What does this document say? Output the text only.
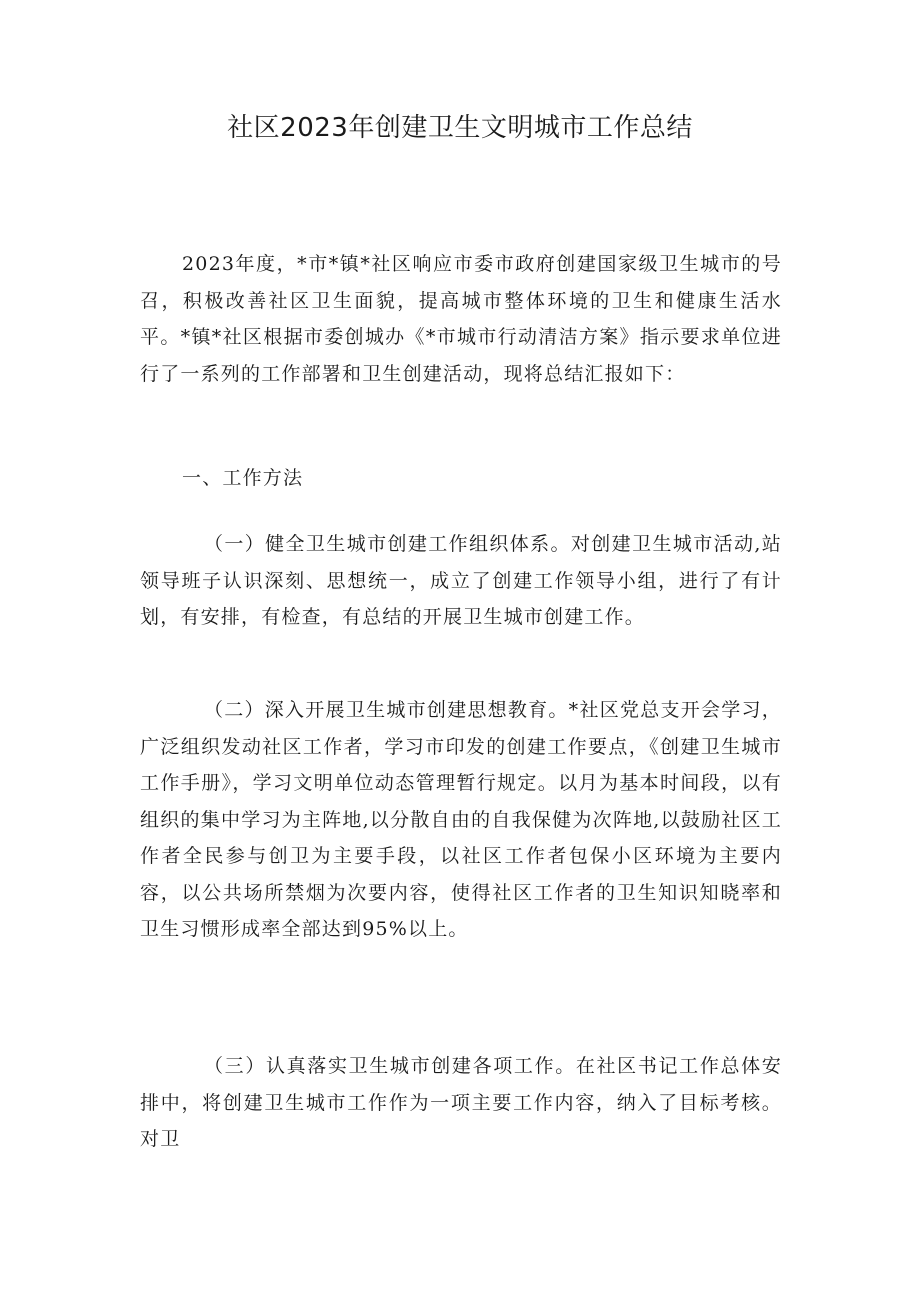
社区2023年创建卫生文明城市工作总结

2023年度，*市*镇*社区响应市委市政府创建国家级卫生城市的号召，积极改善社区卫生面貌，提高城市整体环境的卫生和健康生活水平。*镇*社区根据市委创城办《*市城市行动清洁方案》指示要求单位进行了一系列的工作部署和卫生创建活动，现将总结汇报如下：

一、工作方法

（一）健全卫生城市创建工作组织体系。对创建卫生城市活动,站领导班子认识深刻、思想统一，成立了创建工作领导小组，进行了有计划，有安排，有检查，有总结的开展卫生城市创建工作。

（二）深入开展卫生城市创建思想教育。*社区党总支开会学习，广泛组织发动社区工作者，学习市印发的创建工作要点，《创建卫生城市工作手册》，学习文明单位动态管理暂行规定。以月为基本时间段，以有组织的集中学习为主阵地,以分散自由的自我保健为次阵地,以鼓励社区工作者全民参与创卫为主要手段，以社区工作者包保小区环境为主要内容，以公共场所禁烟为次要内容，使得社区工作者的卫生知识知晓率和卫生习惯形成率全部达到95%以上。

（三）认真落实卫生城市创建各项工作。在社区书记工作总体安排中，将创建卫生城市工作作为一项主要工作内容，纳入了目标考核。对卫
